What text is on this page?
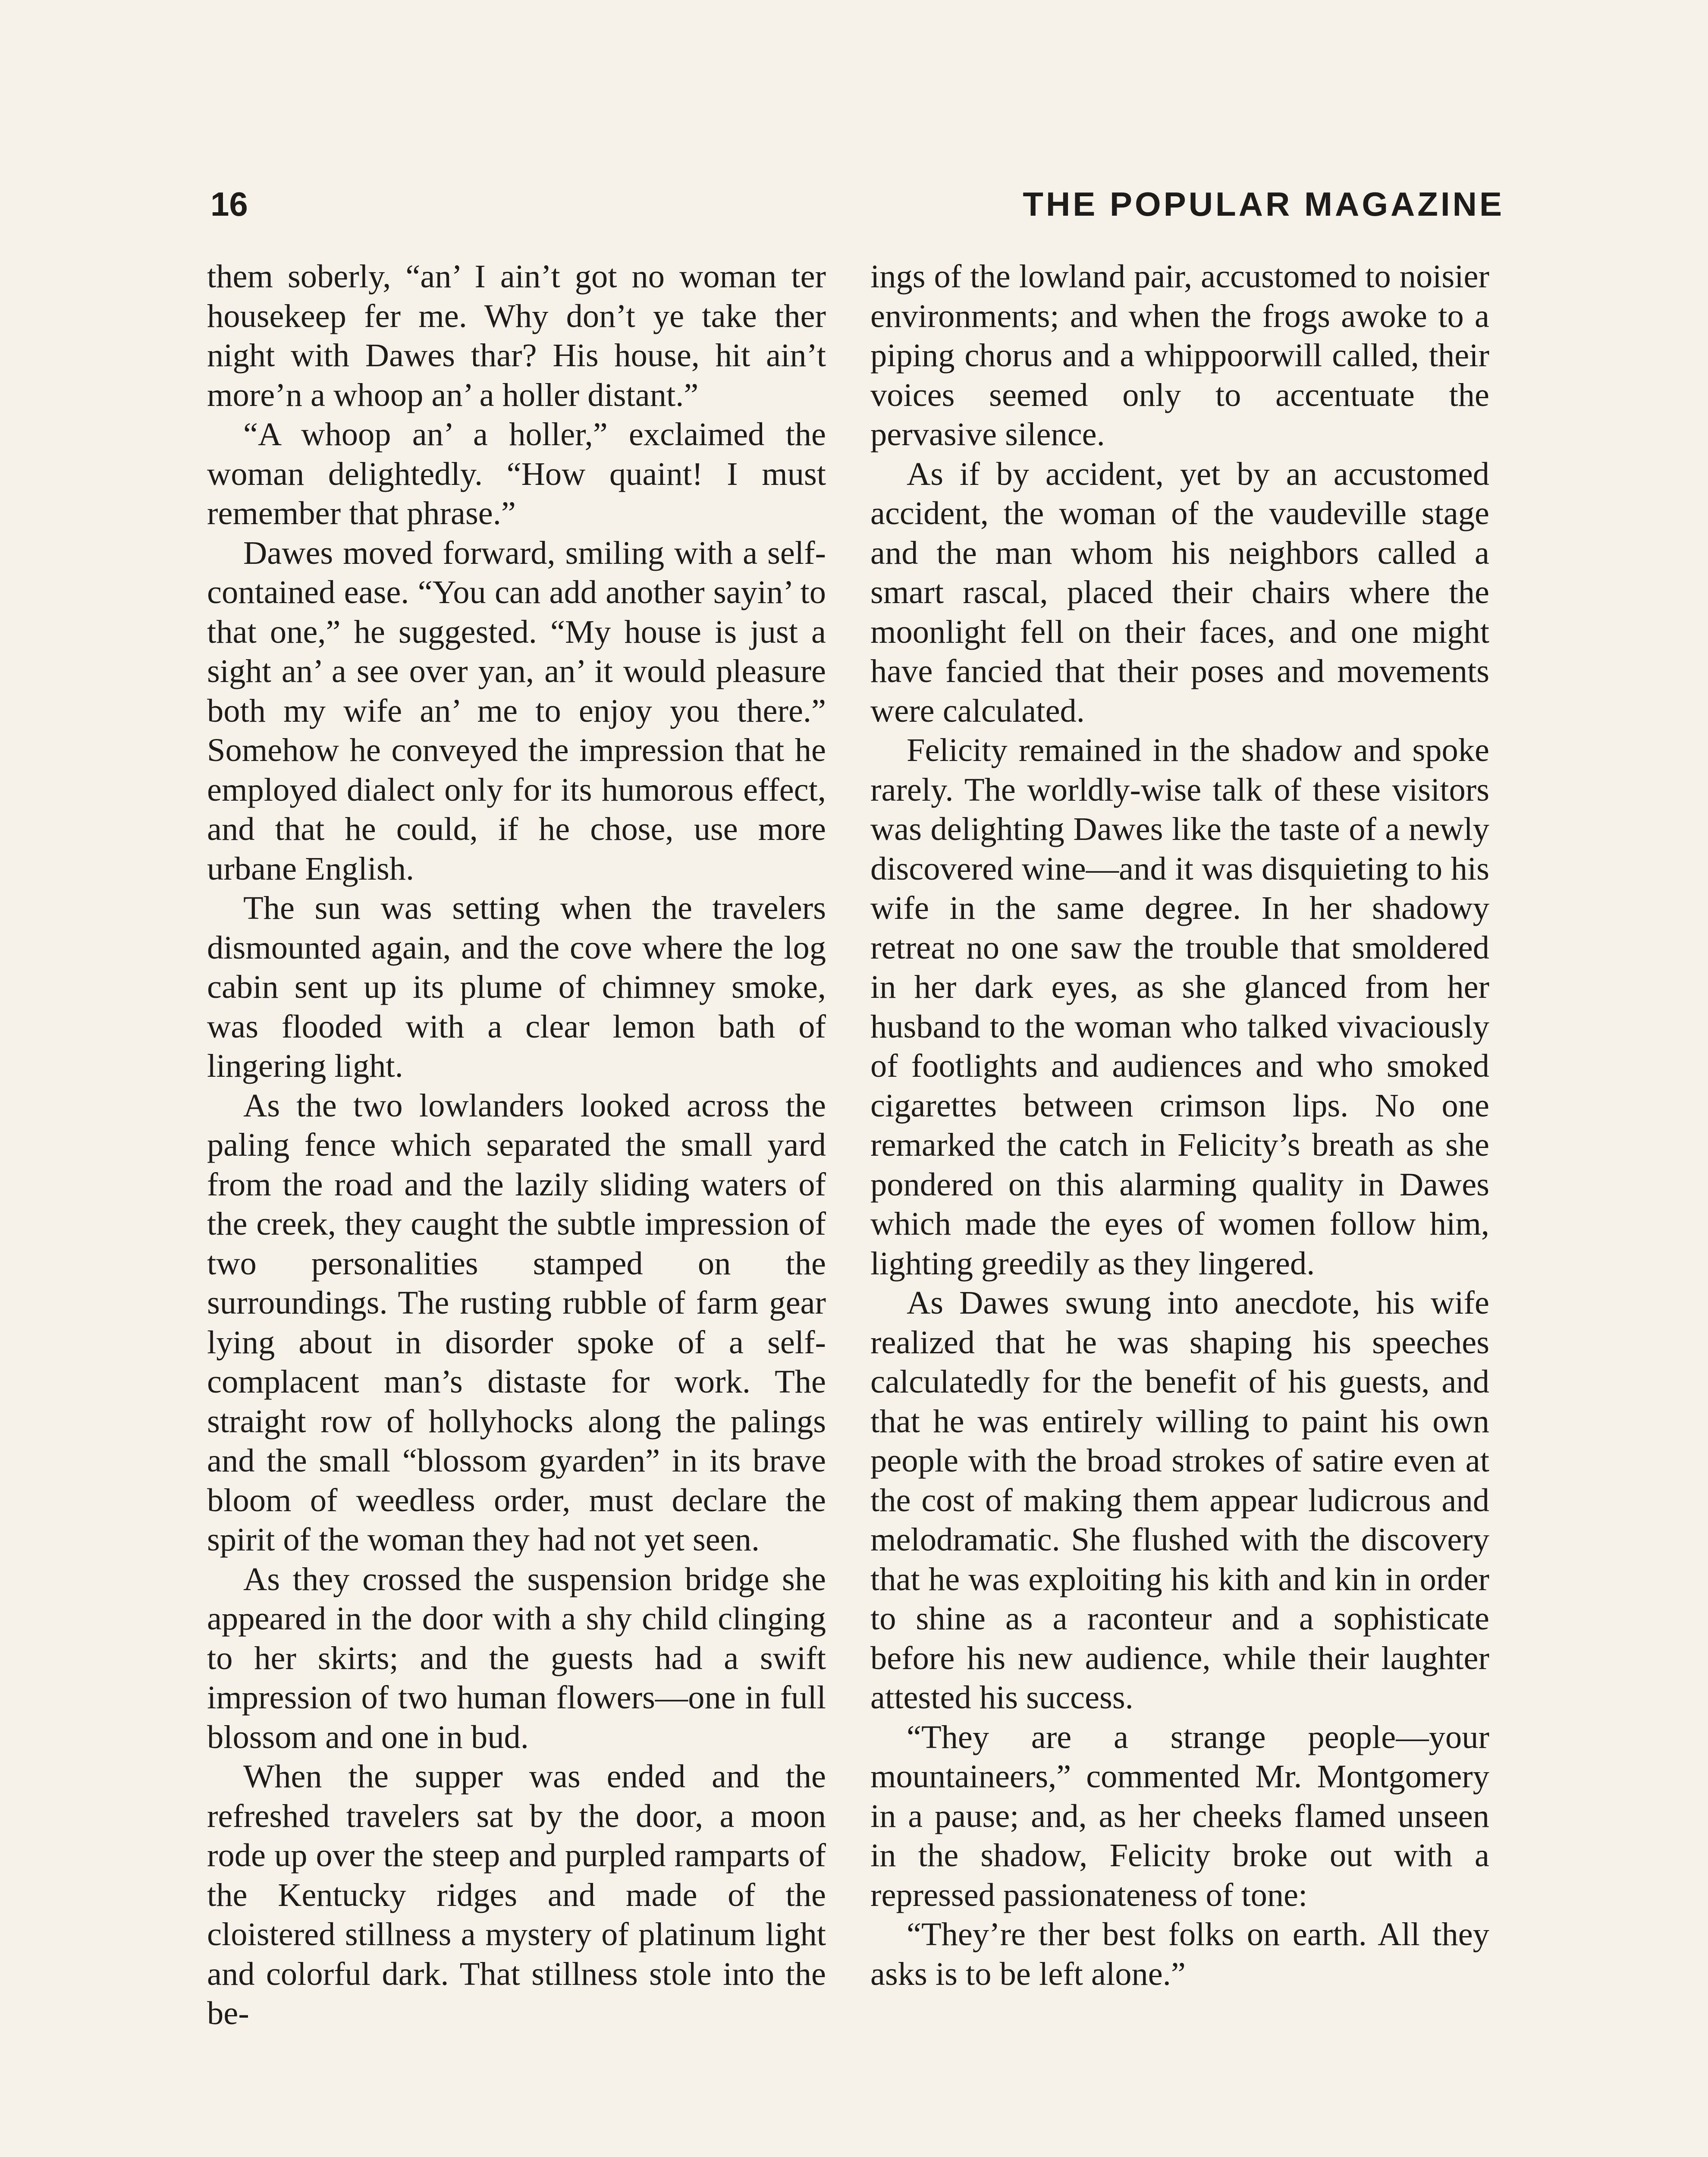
16	THE POPULAR MAGAZINE

them soberly, “an’ I ain’t got no woman ter housekeep fer me. Why don’t ye take ther night with Dawes thar? His house, hit ain’t more’n a whoop an’ a holler distant.”

“A whoop an’ a holler,” exclaimed the woman delightedly. “How quaint! I must remember that phrase.”

Dawes moved forward, smiling with a self-contained ease. “You can add another sayin’ to that one,” he suggested. “My house is just a sight an’ a see over yan, an’ it would pleasure both my wife an’ me to enjoy you there.” Somehow he conveyed the impression that he employed dialect only for its humorous effect, and that he could, if he chose, use more urbane English.

The sun was setting when the travelers dismounted again, and the cove where the log cabin sent up its plume of chimney smoke, was flooded with a clear lemon bath of lingering light.

As the two lowlanders looked across the paling fence which separated the small yard from the road and the lazily sliding waters of the creek, they caught the subtle impression of two personalities stamped on the surroundings. The rusting rubble of farm gear lying about in disorder spoke of a self-complacent man’s distaste for work. The straight row of hollyhocks along the palings and the small “blossom gyarden” in its brave bloom of weedless order, must declare the spirit of the woman they had not yet seen.

As they crossed the suspension bridge she appeared in the door with a shy child clinging to her skirts; and the guests had a swift impression of two human flowers—one in full blossom and one in bud.

When the supper was ended and the refreshed travelers sat by the door, a moon rode up over the steep and purpled ramparts of the Kentucky ridges and made of the cloistered stillness a mystery of platinum light and colorful dark. That stillness stole into the be-

ings of the lowland pair, accustomed to noisier environments; and when the frogs awoke to a piping chorus and a whippoorwill called, their voices seemed only to accentuate the pervasive silence.

As if by accident, yet by an accustomed accident, the woman of the vaudeville stage and the man whom his neighbors called a smart rascal, placed their chairs where the moonlight fell on their faces, and one might have fancied that their poses and movements were calculated.

Felicity remained in the shadow and spoke rarely. The worldly-wise talk of these visitors was delighting Dawes like the taste of a newly discovered wine—and it was disquieting to his wife in the same degree. In her shadowy retreat no one saw the trouble that smoldered in her dark eyes, as she glanced from her husband to the woman who talked vivaciously of footlights and audiences and who smoked cigarettes between crimson lips. No one remarked the catch in Felicity’s breath as she pondered on this alarming quality in Dawes which made the eyes of women follow him, lighting greedily as they lingered.

As Dawes swung into anecdote, his wife realized that he was shaping his speeches calculatedly for the benefit of his guests, and that he was entirely willing to paint his own people with the broad strokes of satire even at the cost of making them appear ludicrous and melodramatic. She flushed with the discovery that he was exploiting his kith and kin in order to shine as a raconteur and a sophisticate before his new audience, while their laughter attested his success.

“They are a strange people—your mountaineers,” commented Mr. Montgomery in a pause; and, as her cheeks flamed unseen in the shadow, Felicity broke out with a repressed passionateness of tone:

“They’re ther best folks on earth. All they asks is to be left alone.”
